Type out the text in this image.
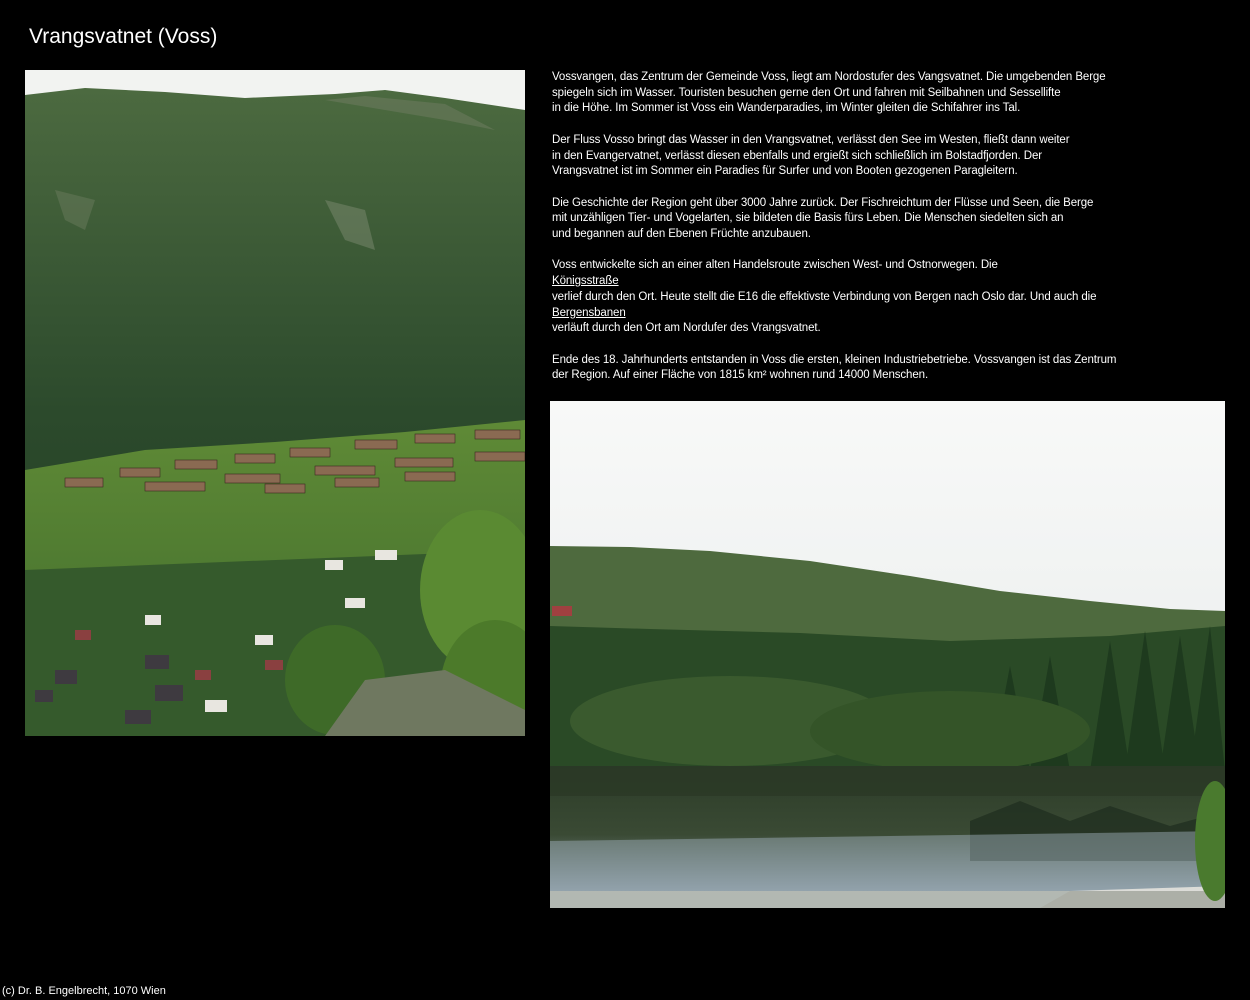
Vrangsvatnet (Voss)

Vossvangen, das Zentrum der Gemeinde Voss, liegt am Nordostufer des Vangsvatnet. Die umgebenden Berge
spiegeln sich im Wasser. Touristen besuchen gerne den Ort und fahren mit Seilbahnen und Sessellifte
in die Höhe. Im Sommer ist Voss ein Wanderparadies, im Winter gleiten die Schifahrer ins Tal.

Der Fluss Vosso bringt das Wasser in den Vrangsvatnet, verlässt den See im Westen, fließt dann weiter
in den Evangervatnet, verlässt diesen ebenfalls und ergießt sich schließlich im Bolstadfjorden. Der
Vrangsvatnet ist im Sommer ein Paradies für Surfer und von Booten gezogenen Paragleitern.

Die Geschichte der Region geht über 3000 Jahre zurück. Der Fischreichtum der Flüsse und Seen, die Berge
mit unzähligen Tier- und Vogelarten, sie bildeten die Basis fürs Leben. Die Menschen siedelten sich an
und begannen auf den Ebenen Früchte anzubauen.

Voss entwickelte sich an einer alten Handelsroute zwischen West- und Ostnorwegen. Die
Königsstraße
verlief durch den Ort. Heute stellt die E16 die effektivste Verbindung von Bergen nach Oslo dar. Und auch die
Bergensbanen
verläuft durch den Ort am Nordufer des Vrangsvatnet.

Ende des 18. Jahrhunderts entstanden in Voss die ersten, kleinen Industriebetriebe. Vossvangen ist das Zentrum
der Region. Auf einer Fläche von 1815 km² wohnen rund 14000 Menschen.

(c) Dr. B. Engelbrecht, 1070 Wien
